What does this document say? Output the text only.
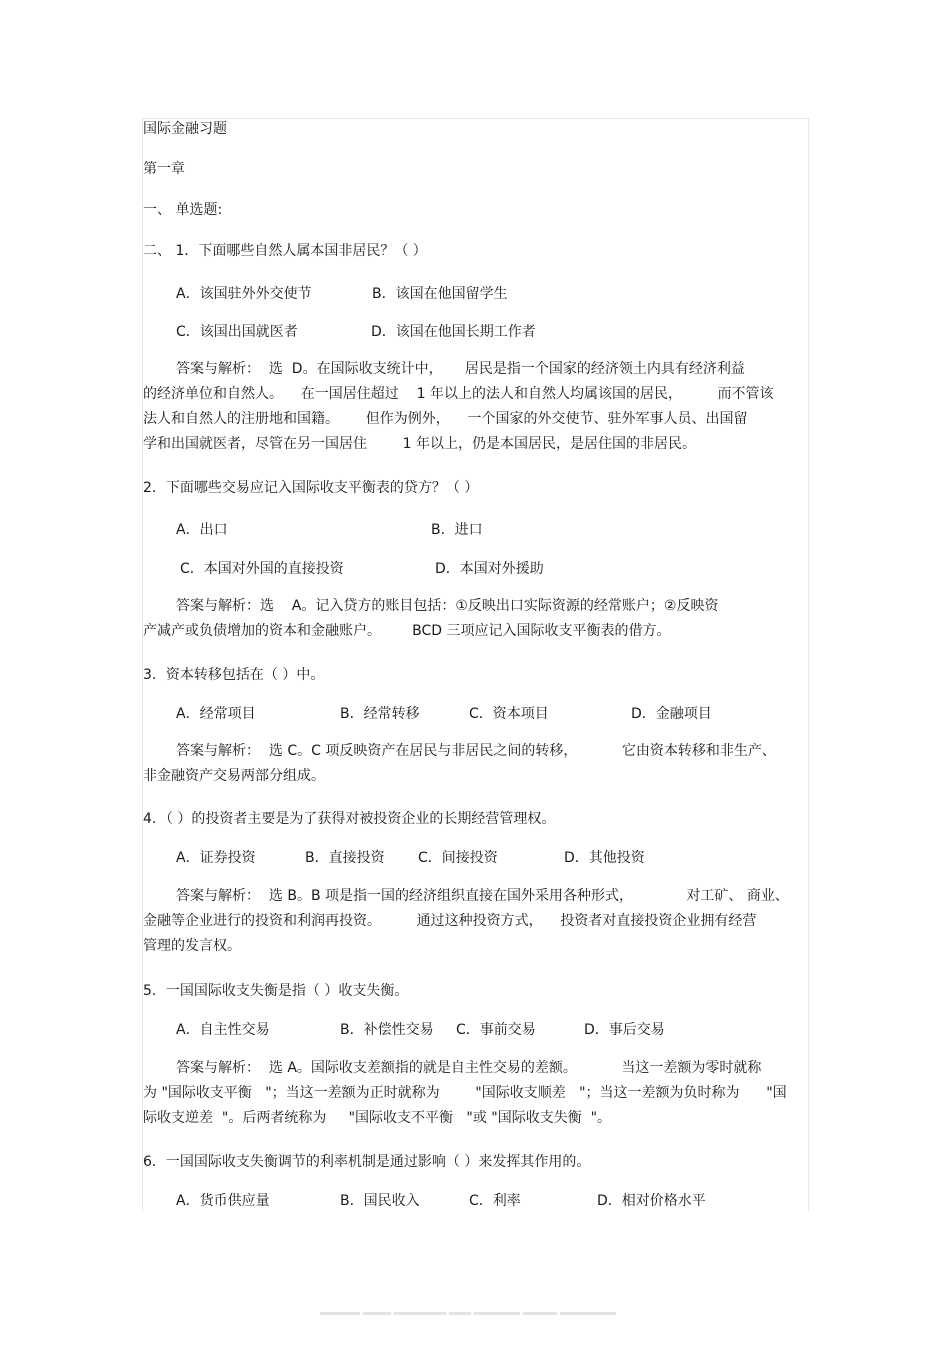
国际金融习题
第一章
一、 单选题:
二、 1．下面哪些自然人属本国非居民？（ ）
A．该国驻外外交使节	B．该国在他国留学生
C．该国出国就医者	D．该国在他国长期工作者
答案与解析：  选  D。在国际收支统计中，     居民是指一个国家的经济领土内具有经济利益
的经济单位和自然人。    在一国居住超过    1 年以上的法人和自然人均属该国的居民，        而不管该
法人和自然人的注册地和国籍。      但作为例外，    一个国家的外交使节、驻外军事人员、出国留
学和出国就医者，尽管在另一国居住        1 年以上，仍是本国居民，是居住国的非居民。
2．下面哪些交易应记入国际收支平衡表的贷方？（ ）
A．出口	B．进口
C．本国对外国的直接投资	D．本国对外援助
答案与解析：选    A。记入贷方的账目包括：①反映出口实际资源的经常账户；②反映资
产减产或负债增加的资本和金融账户。       BCD 三项应记入国际收支平衡表的借方。
3．资本转移包括在（ ）中。
A．经常项目	B．经常转移	C．资本项目	D．金融项目
答案与解析：  选 C。C 项反映资产在居民与非居民之间的转移，          它由资本转移和非生产、
非金融资产交易两部分组成。
4．（ ）的投资者主要是为了获得对被投资企业的长期经营管理权。
A．证券投资	B．直接投资 C．间接投资	D．其他投资
答案与解析：  选 B。B 项是指一国的经济组织直接在国外采用各种形式，            对工矿、 商业、
金融等企业进行的投资和利润再投资。        通过这种投资方式，    投资者对直接投资企业拥有经营
管理的发言权。
5．一国国际收支失衡是指（ ）收支失衡。
A．自主性交易	B．补偿性交易 C．事前交易	D．事后交易
答案与解析：  选 A。国际收支差额指的就是自主性交易的差额。          当这一差额为零时就称
为 "国际收支平衡   "；当这一差额为正时就称为        "国际收支顺差   "；当这一差额为负时称为      "国
际收支逆差  "。后两者统称为     "国际收支不平衡   "或 "国际收支失衡  "。
6．一国国际收支失衡调节的利率机制是通过影响（ ）来发挥其作用的。
A．货币供应量	B．国民收入	C．利率	D．相对价格水平
